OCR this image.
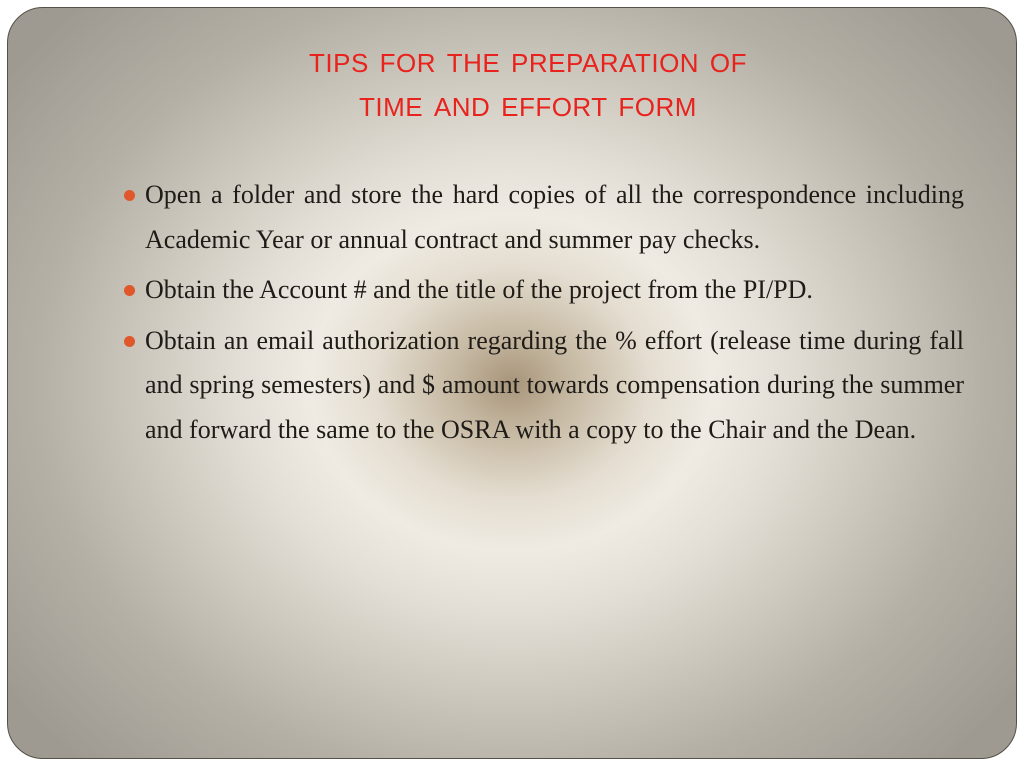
tips for the preparation of
time and effort form
Open a folder and store the hard copies of all the correspondence including Academic Year or annual contract and summer pay checks.
Obtain the Account # and the title of the project from the PI/PD.
Obtain an email authorization regarding the % effort (release time during fall and spring semesters) and $ amount towards compensation during the summer and forward the same to the OSRA with a copy to the Chair and the Dean.
